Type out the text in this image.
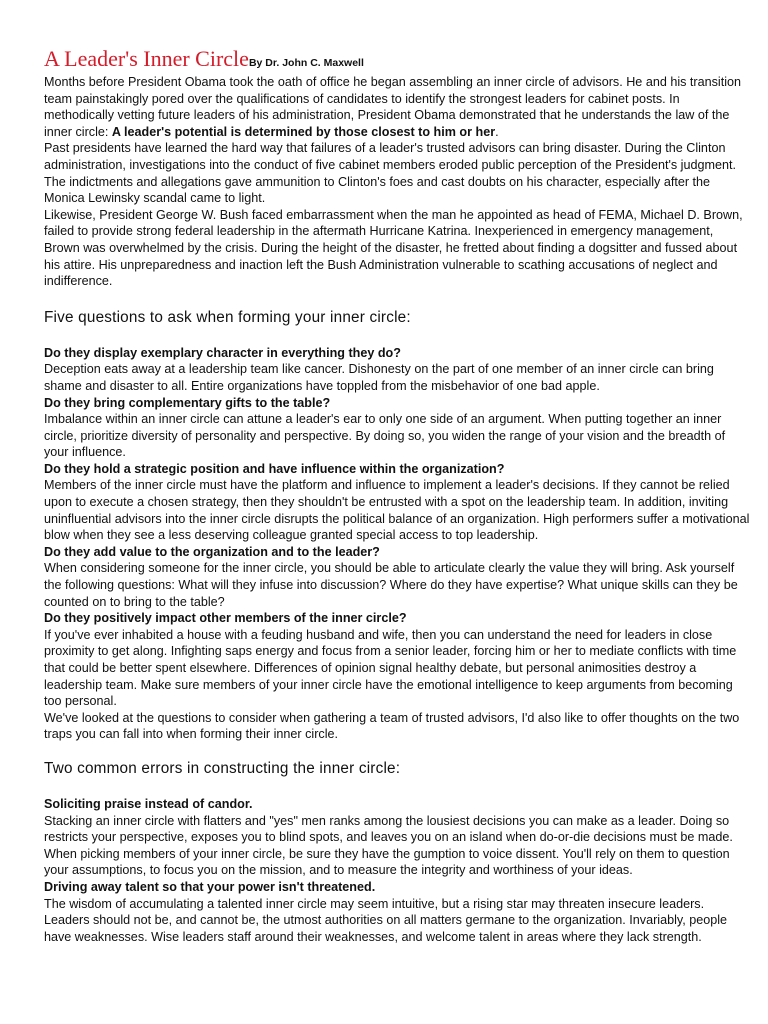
A Leader's Inner CircleBy Dr. John C. Maxwell

Months before President Obama took the oath of office he began assembling an inner circle of advisors. He and his transition team painstakingly pored over the qualifications of candidates to identify the strongest leaders for cabinet posts. In methodically vetting future leaders of his administration, President Obama demonstrated that he understands the law of the inner circle: A leader's potential is determined by those closest to him or her.

Past presidents have learned the hard way that failures of a leader's trusted advisors can bring disaster. During the Clinton administration, investigations into the conduct of five cabinet members eroded public perception of the President's judgment. The indictments and allegations gave ammunition to Clinton's foes and cast doubts on his character, especially after the Monica Lewinsky scandal came to light.

Likewise, President George W. Bush faced embarrassment when the man he appointed as head of FEMA, Michael D. Brown, failed to provide strong federal leadership in the aftermath Hurricane Katrina. Inexperienced in emergency management, Brown was overwhelmed by the crisis. During the height of the disaster, he fretted about finding a dogsitter and fussed about his attire. His unpreparedness and inaction left the Bush Administration vulnerable to scathing accusations of neglect and indifference.

Five questions to ask when forming your inner circle:

Do they display exemplary character in everything they do?

Deception eats away at a leadership team like cancer. Dishonesty on the part of one member of an inner circle can bring shame and disaster to all. Entire organizations have toppled from the misbehavior of one bad apple.

Do they bring complementary gifts to the table?

Imbalance within an inner circle can attune a leader's ear to only one side of an argument. When putting together an inner circle, prioritize diversity of personality and perspective. By doing so, you widen the range of your vision and the breadth of your influence.

Do they hold a strategic position and have influence within the organization?

Members of the inner circle must have the platform and influence to implement a leader's decisions. If they cannot be relied upon to execute a chosen strategy, then they shouldn't be entrusted with a spot on the leadership team. In addition, inviting uninfluential advisors into the inner circle disrupts the political balance of an organization. High performers suffer a motivational blow when they see a less deserving colleague granted special access to top leadership.

Do they add value to the organization and to the leader?

When considering someone for the inner circle, you should be able to articulate clearly the value they will bring. Ask yourself the following questions: What will they infuse into discussion? Where do they have expertise? What unique skills can they be counted on to bring to the table?

Do they positively impact other members of the inner circle?

If you've ever inhabited a house with a feuding husband and wife, then you can understand the need for leaders in close proximity to get along. Infighting saps energy and focus from a senior leader, forcing him or her to mediate conflicts with time that could be better spent elsewhere. Differences of opinion signal healthy debate, but personal animosities destroy a leadership team. Make sure members of your inner circle have the emotional intelligence to keep arguments from becoming too personal.

We've looked at the questions to consider when gathering a team of trusted advisors, I'd also like to offer thoughts on the two traps you can fall into when forming their inner circle.

Two common errors in constructing the inner circle:

Soliciting praise instead of candor.

Stacking an inner circle with flatters and "yes" men ranks among the lousiest decisions you can make as a leader. Doing so restricts your perspective, exposes you to blind spots, and leaves you on an island when do-or-die decisions must be made. When picking members of your inner circle, be sure they have the gumption to voice dissent. You'll rely on them to question your assumptions, to focus you on the mission, and to measure the integrity and worthiness of your ideas.

Driving away talent so that your power isn't threatened.

The wisdom of accumulating a talented inner circle may seem intuitive, but a rising star may threaten insecure leaders. Leaders should not be, and cannot be, the utmost authorities on all matters germane to the organization. Invariably, people have weaknesses. Wise leaders staff around their weaknesses, and welcome talent in areas where they lack strength.
